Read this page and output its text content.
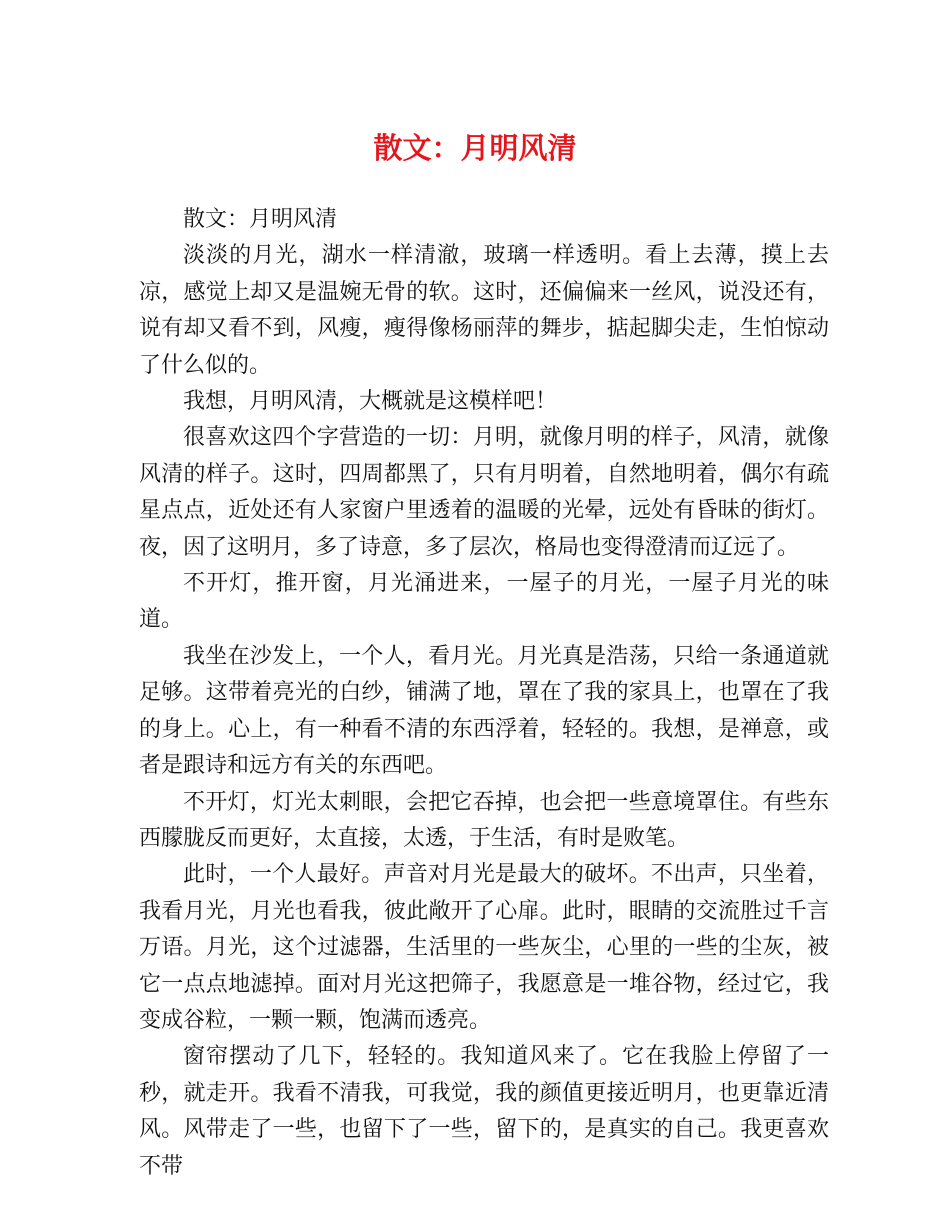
散文：月明风清

散文：月明风清

淡淡的月光，湖水一样清澈，玻璃一样透明。看上去薄，摸上去凉，感觉上却又是温婉无骨的软。这时，还偏偏来一丝风，说没还有，说有却又看不到，风瘦，瘦得像杨丽萍的舞步，掂起脚尖走，生怕惊动了什么似的。

我想，月明风清，大概就是这模样吧！

很喜欢这四个字营造的一切：月明，就像月明的样子，风清，就像风清的样子。这时，四周都黑了，只有月明着，自然地明着，偶尔有疏星点点，近处还有人家窗户里透着的温暖的光晕，远处有昏昧的街灯。夜，因了这明月，多了诗意，多了层次，格局也变得澄清而辽远了。

不开灯，推开窗，月光涌进来，一屋子的月光，一屋子月光的味道。

我坐在沙发上，一个人，看月光。月光真是浩荡，只给一条通道就足够。这带着亮光的白纱，铺满了地，罩在了我的家具上，也罩在了我的身上。心上，有一种看不清的东西浮着，轻轻的。我想，是禅意，或者是跟诗和远方有关的东西吧。

不开灯，灯光太刺眼，会把它吞掉，也会把一些意境罩住。有些东西朦胧反而更好，太直接，太透，于生活，有时是败笔。

此时，一个人最好。声音对月光是最大的破坏。不出声，只坐着，我看月光，月光也看我，彼此敞开了心扉。此时，眼睛的交流胜过千言万语。月光，这个过滤器，生活里的一些灰尘，心里的一些的尘灰，被它一点点地滤掉。面对月光这把筛子，我愿意是一堆谷物，经过它，我变成谷粒，一颗一颗，饱满而透亮。

窗帘摆动了几下，轻轻的。我知道风来了。它在我脸上停留了一秒，就走开。我看不清我，可我觉，我的颜值更接近明月，也更靠近清风。风带走了一些，也留下了一些，留下的，是真实的自己。我更喜欢不带
